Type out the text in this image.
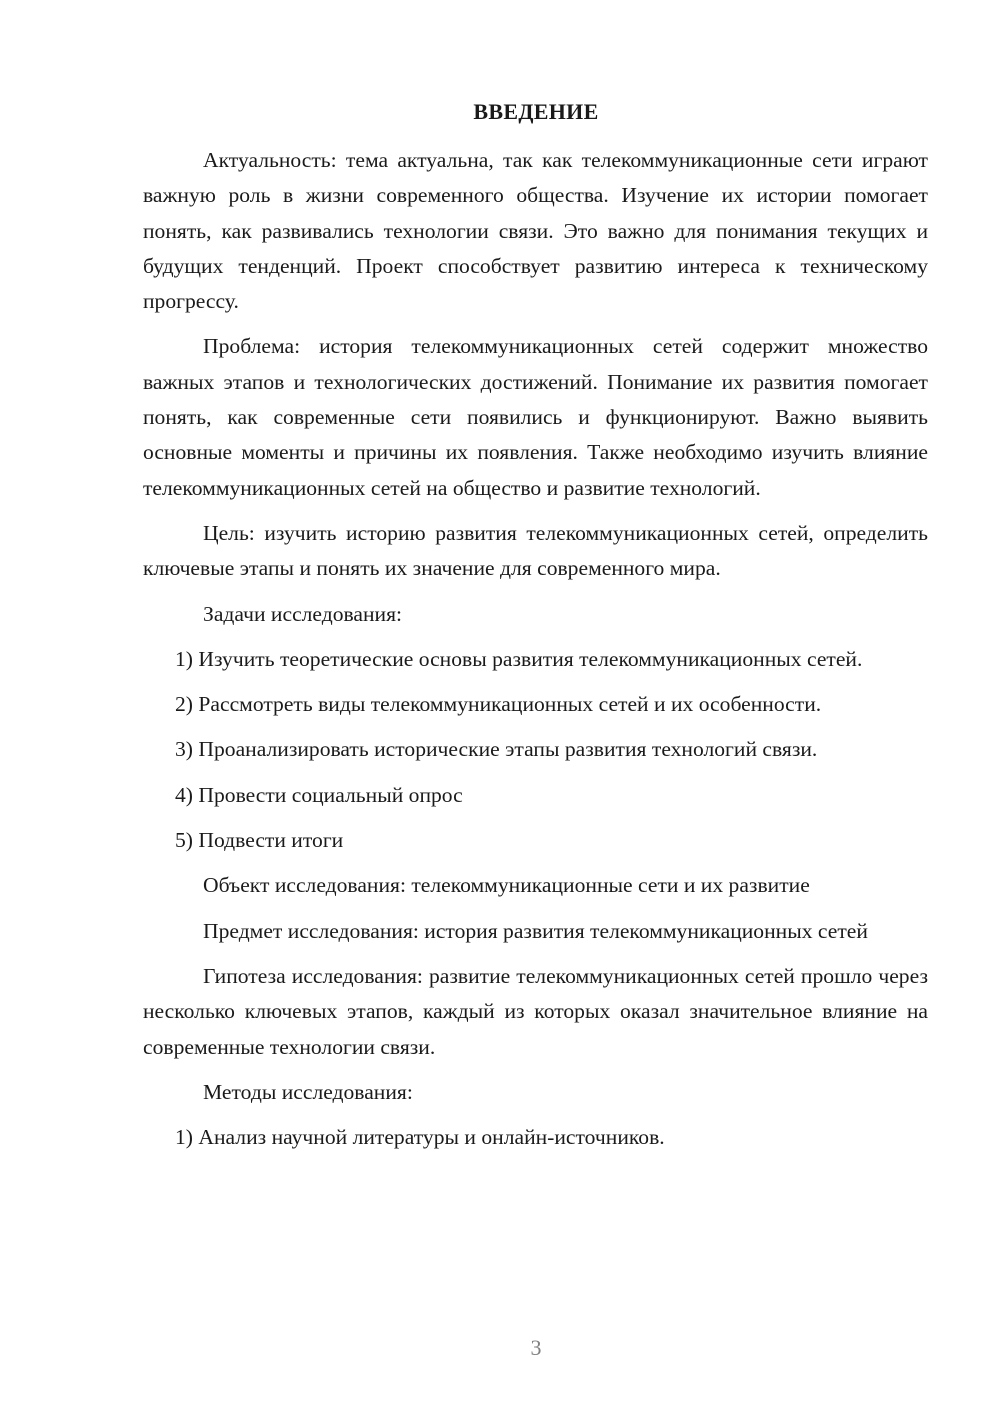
ВВЕДЕНИЕ

Актуальность: тема актуальна, так как телекоммуникационные сети играют важную роль в жизни современного общества. Изучение их истории помогает понять, как развивались технологии связи. Это важно для понимания текущих и будущих тенденций. Проект способствует развитию интереса к техническому прогрессу.

Проблема: история телекоммуникационных сетей содержит множество важных этапов и технологических достижений. Понимание их развития помогает понять, как современные сети появились и функционируют. Важно выявить основные моменты и причины их появления. Также необходимо изучить влияние телекоммуникационных сетей на общество и развитие технологий.

Цель: изучить историю развития телекоммуникационных сетей, определить ключевые этапы и понять их значение для современного мира.

Задачи исследования:

1) Изучить теоретические основы развития телекоммуникационных сетей.

2) Рассмотреть виды телекоммуникационных сетей и их особенности.

3) Проанализировать исторические этапы развития технологий связи.

4) Провести социальный опрос

5) Подвести итоги

Объект исследования: телекоммуникационные сети и их развитие

Предмет исследования: история развития телекоммуникационных сетей

Гипотеза исследования: развитие телекоммуникационных сетей прошло через несколько ключевых этапов, каждый из которых оказал значительное влияние на современные технологии связи.

Методы исследования:

1) Анализ научной литературы и онлайн-источников.

3
